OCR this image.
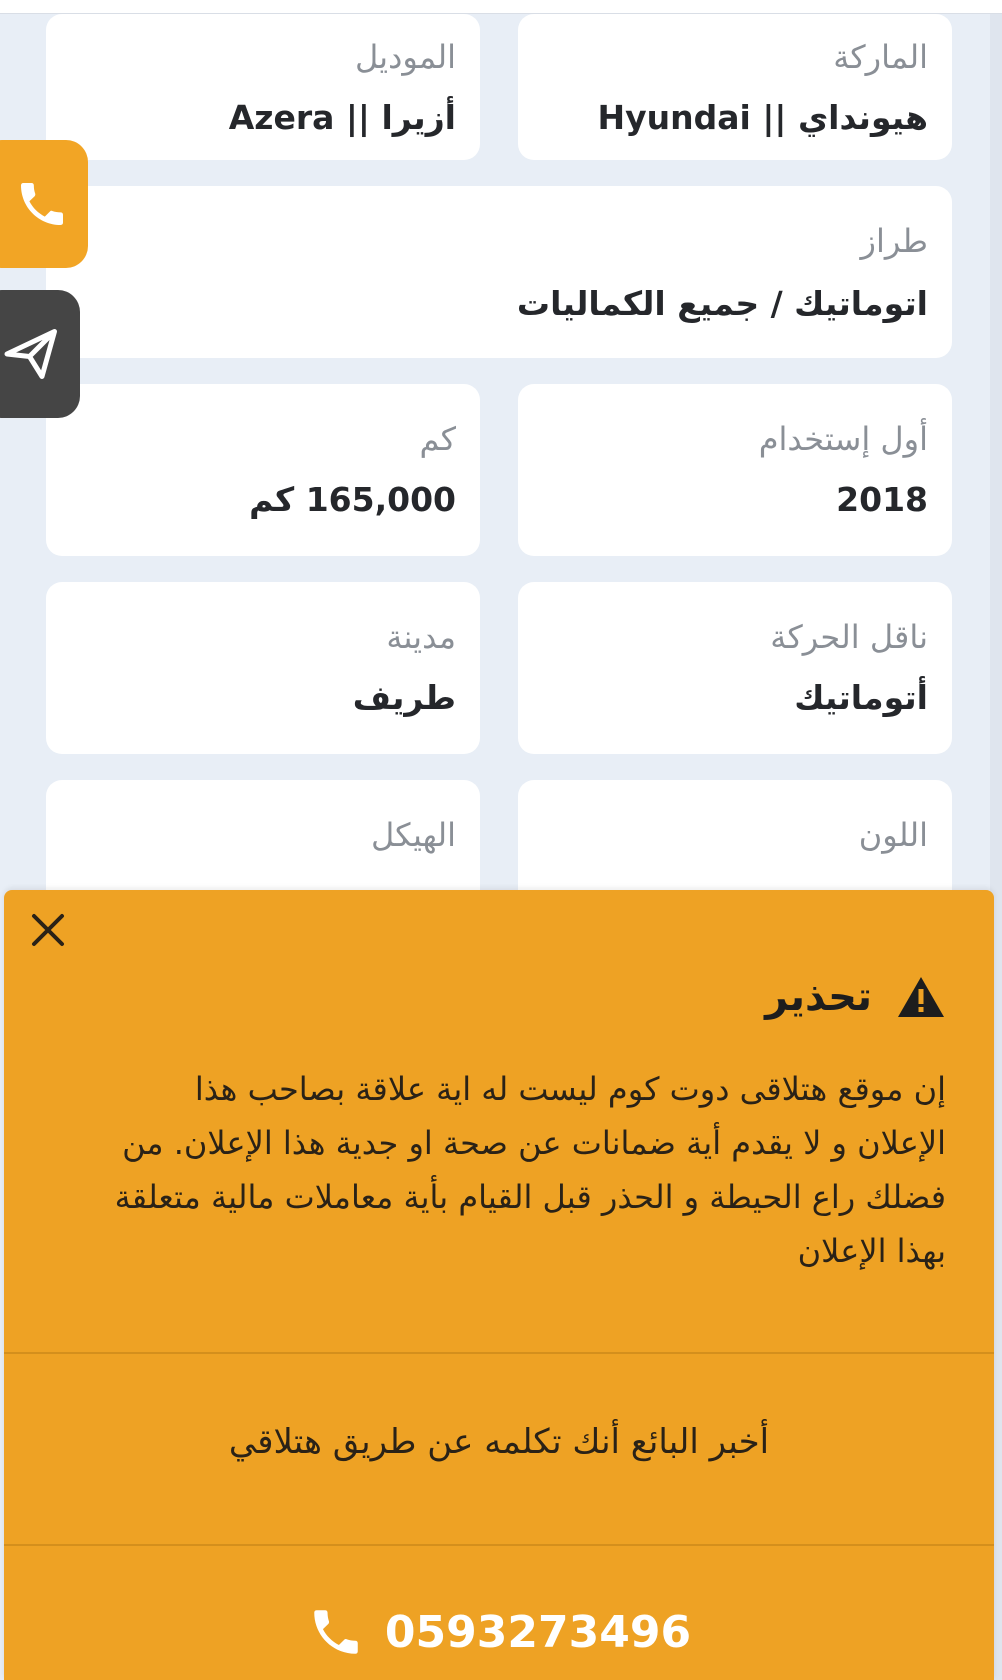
الماركة
هيونداي || Hyundai
الموديل
أزيرا || Azera
طراز
اتوماتيك / جميع الكماليات
أول إستخدام
2018
كم
165,000 كم
ناقل الحركة
أتوماتيك
مدينة
طريف
اللون
الهيكل
تحذير
إن موقع هتلاقى دوت كوم ليست له اية علاقة بصاحب هذا
الإعلان و لا يقدم أية ضمانات عن صحة او جدية هذا الإعلان. من
فضلك راع الحيطة و الحذر قبل القيام بأية معاملات مالية متعلقة
بهذا الإعلان
أخبر البائع أنك تكلمه عن طريق هتلاقي
0593273496
